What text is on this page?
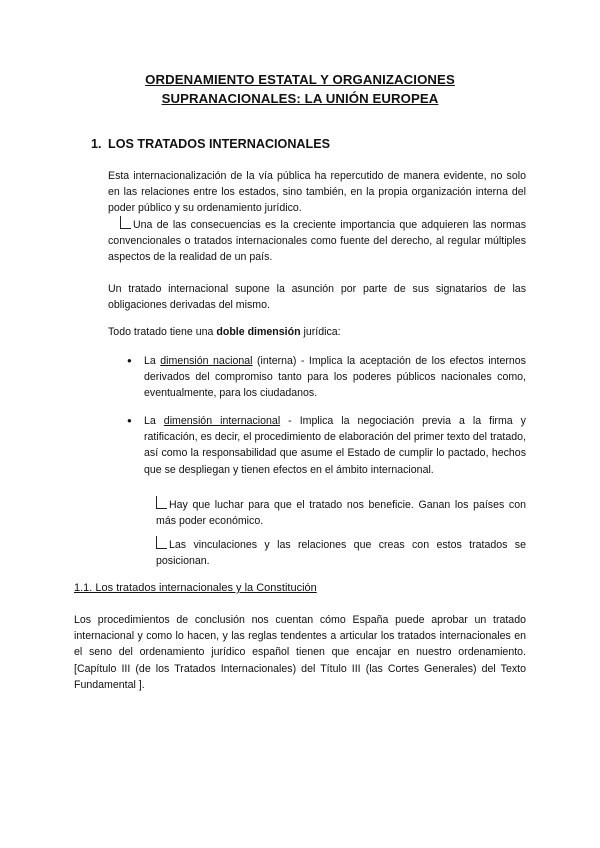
ORDENAMIENTO ESTATAL Y ORGANIZACIONES
SUPRANACIONALES: LA UNIÓN EUROPEA
1. LOS TRATADOS INTERNACIONALES
Esta internacionalización de la vía pública ha repercutido de manera evidente, no solo en las relaciones entre los estados, sino también, en la propia organización interna del poder público y su ordenamiento jurídico.
Una de las consecuencias es la creciente importancia que adquieren las normas convencionales o tratados internacionales como fuente del derecho, al regular múltiples aspectos de la realidad de un país.
Un tratado internacional supone la asunción por parte de sus signatarios de las obligaciones derivadas del mismo.
Todo tratado tiene una doble dimensión jurídica:
● La dimensión nacional (interna) - Implica la aceptación de los efectos internos derivados del compromiso tanto para los poderes públicos nacionales como, eventualmente, para los ciudadanos.
● La dimensión internacional - Implica la negociación previa a la firma y ratificación, es decir, el procedimiento de elaboración del primer texto del tratado, así como la responsabilidad que asume el Estado de cumplir lo pactado, hechos que se despliegan y tienen efectos en el ámbito internacional.
Hay que luchar para que el tratado nos beneficie. Ganan los países con más poder económico.
Las vinculaciones y las relaciones que creas con estos tratados se posicionan.
1.1. Los tratados internacionales y la Constitución
Los procedimientos de conclusión nos cuentan cómo España puede aprobar un tratado internacional y como lo hacen, y las reglas tendentes a articular los tratados internacionales en el seno del ordenamiento jurídico español tienen que encajar en nuestro ordenamiento. [Capítulo III (de los Tratados Internacionales) del Título III (las Cortes Generales) del Texto Fundamental ].
